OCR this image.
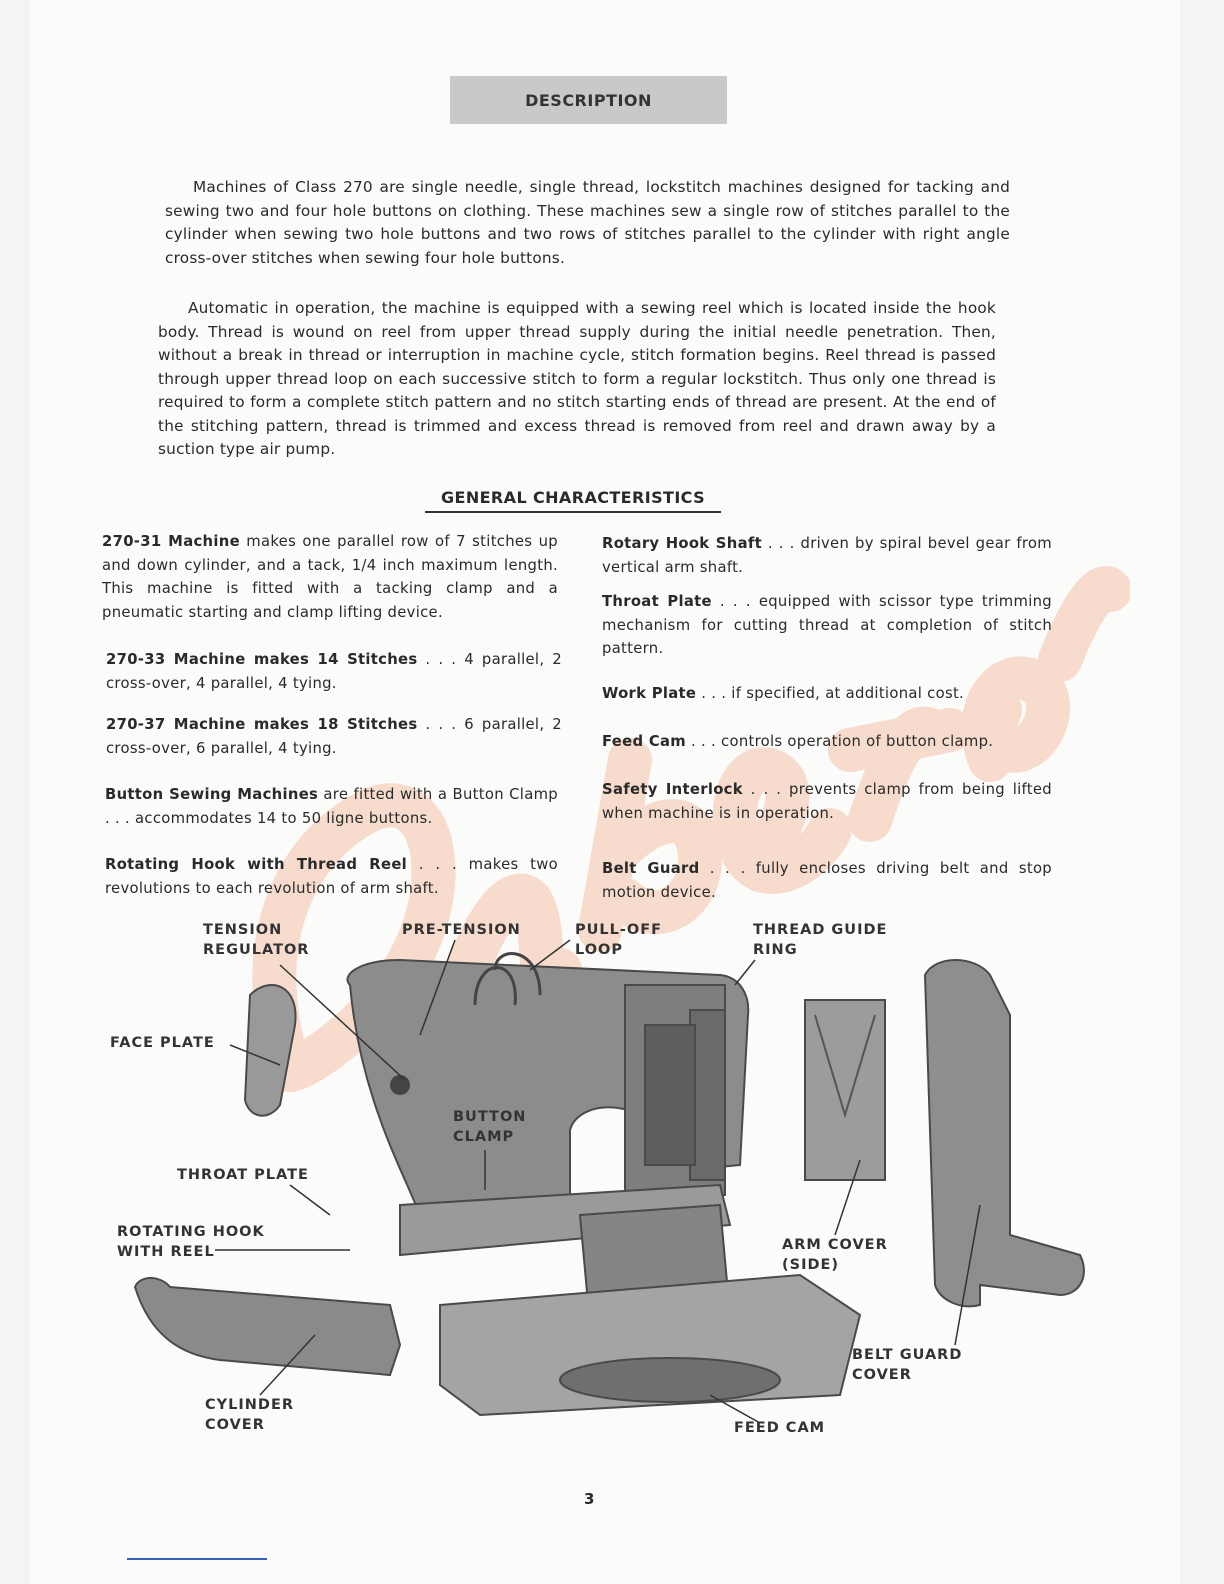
DESCRIPTION
Machines of Class 270 are single needle, single thread, lockstitch machines designed for tacking and sewing two and four hole buttons on clothing. These machines sew a single row of stitches parallel to the cylinder when sewing two hole buttons and two rows of stitches parallel to the cylinder with right angle cross-over stitches when sewing four hole buttons.
Automatic in operation, the machine is equipped with a sewing reel which is located inside the hook body. Thread is wound on reel from upper thread supply during the initial needle penetration. Then, without a break in thread or interruption in machine cycle, stitch formation begins. Reel thread is passed through upper thread loop on each successive stitch to form a regular lockstitch. Thus only one thread is required to form a complete stitch pattern and no stitch starting ends of thread are present. At the end of the stitching pattern, thread is trimmed and excess thread is removed from reel and drawn away by a suction type air pump.
GENERAL CHARACTERISTICS
270-31 Machine makes one parallel row of 7 stitches up and down cylinder, and a tack, 1/4 inch maximum length. This machine is fitted with a tacking clamp and a pneumatic starting and clamp lifting device.
270-33 Machine makes 14 Stitches . . . 4 parallel, 2 cross-over, 4 parallel, 4 tying.
270-37 Machine makes 18 Stitches . . . 6 parallel, 2 cross-over, 6 parallel, 4 tying.
Button Sewing Machines are fitted with a Button Clamp . . . accommodates 14 to 50 ligne buttons.
Rotating Hook with Thread Reel . . . makes two revolutions to each revolution of arm shaft.
Rotary Hook Shaft . . . driven by spiral bevel gear from vertical arm shaft.
Throat Plate . . . equipped with scissor type trimming mechanism for cutting thread at completion of stitch pattern.
Work Plate . . . if specified, at additional cost.
Feed Cam . . . controls operation of button clamp.
Safety Interlock . . . prevents clamp from being lifted when machine is in operation.
Belt Guard . . . fully encloses driving belt and stop motion device.
TENSION
REGULATOR
PRE-TENSION	PULL-OFF
LOOP
THREAD GUIDE
RING
FACE PLATE
BUTTON
CLAMP
THROAT PLATE
ROTATING HOOK
WITH REEL	ARM COVER
(SIDE)
BELT GUARD
COVER
CYLINDER
COVER	FEED CAM
3
